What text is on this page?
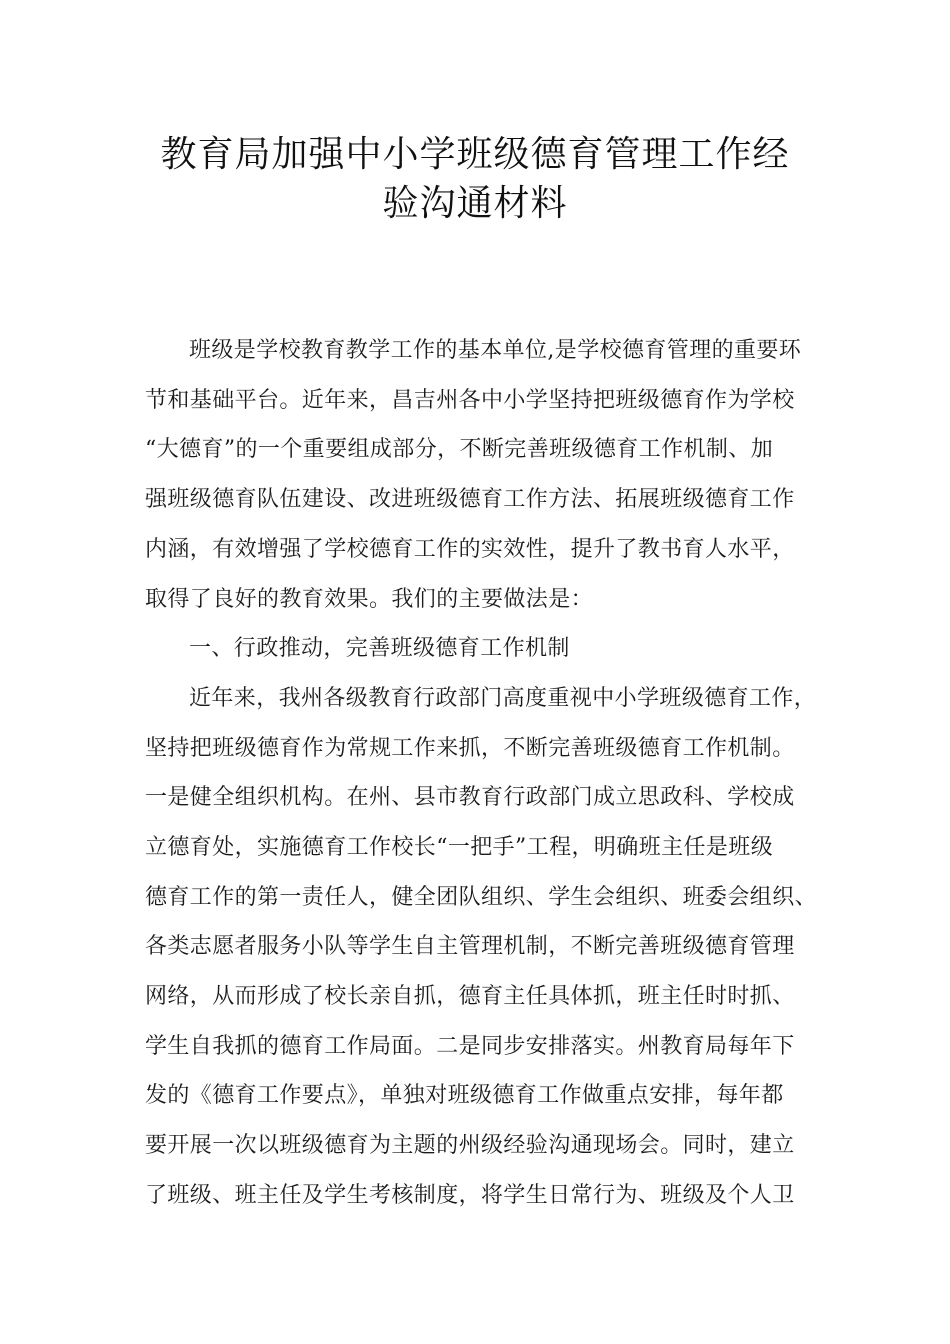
教育局加强中小学班级德育管理工作经
验沟通材料
班级是学校教育教学工作的基本单位,是学校德育管理的重要环
节和基础平台。近年来，昌吉州各中小学坚持把班级德育作为学校
“大德育”的一个重要组成部分，不断完善班级德育工作机制、加
强班级德育队伍建设、改进班级德育工作方法、拓展班级德育工作
内涵，有效增强了学校德育工作的实效性，提升了教书育人水平，
取得了良好的教育效果。我们的主要做法是：
一、行政推动，完善班级德育工作机制
近年来，我州各级教育行政部门高度重视中小学班级德育工作，
坚持把班级德育作为常规工作来抓，不断完善班级德育工作机制。
一是健全组织机构。在州、县市教育行政部门成立思政科、学校成
立德育处，实施德育工作校长“一把手”工程，明确班主任是班级
德育工作的第一责任人，健全团队组织、学生会组织、班委会组织、
各类志愿者服务小队等学生自主管理机制，不断完善班级德育管理
网络，从而形成了校长亲自抓，德育主任具体抓，班主任时时抓、
学生自我抓的德育工作局面。二是同步安排落实。州教育局每年下
发的《德育工作要点》，单独对班级德育工作做重点安排，每年都
要开展一次以班级德育为主题的州级经验沟通现场会。同时，建立
了班级、班主任及学生考核制度，将学生日常行为、班级及个人卫
